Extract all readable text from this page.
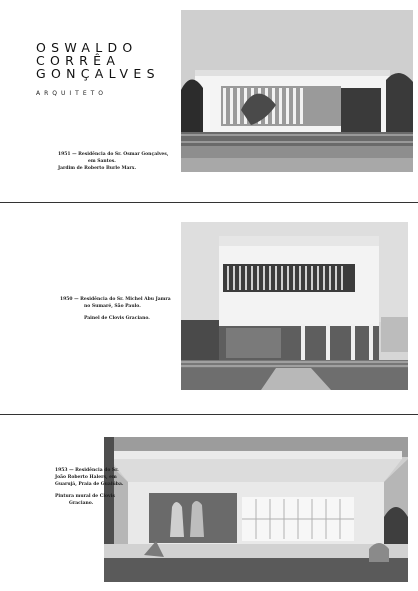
OSWALDO
CORRÊA
GONÇALVES
ARQUITETO
1951 — Residência do Sr. Osmar Gonçalves,
em Santos.
Jardim de Roberto Burle Marx.
1950 — Residência do Sr. Michel Abu Jamra
no Sumaré, São Paulo.
Painel de Clovis Graciano.
1953 — Residência do Sr.
João Roberto Halers, em
Guarujá, Praia de Guaiúba.
Pintura mural de Clovis
Graciano.
